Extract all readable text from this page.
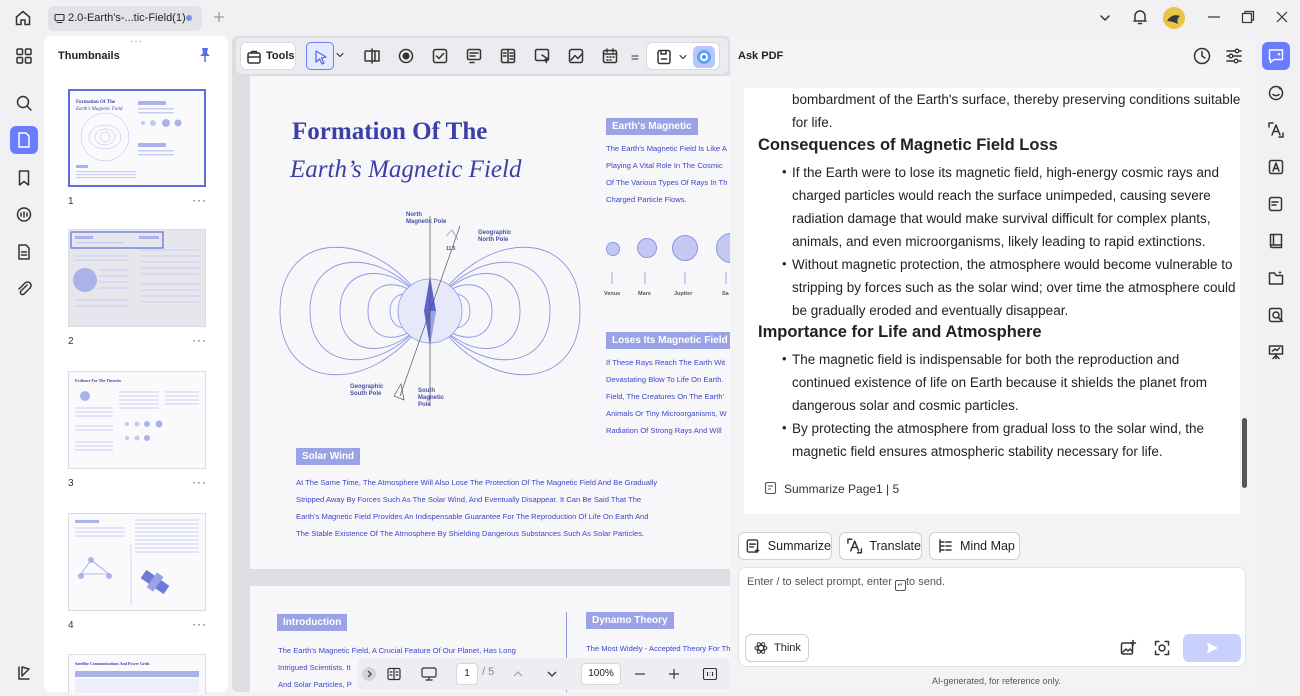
2.0-Earth's-...tic-Field(1)
···
Thumbnails
Formation Of The
Earth's Magnetic Field
1	···
2	···
Evidence For The Theories
3	···
4	···
Satellite Communications And Power Grids
Formation Of The
Earth’s Magnetic Field
North
Magnetic Pole
Geographic
North Pole
11.5
Geographic
South Pole	South
Magnetic
Pole
Earth's Magnetic
The Earth's Magnetic Field Is Like A
Playing A Vital Role In The Cosmic
Of The Various Types Of Rays In Th
Charged Particle Flows.
Venus	Mars	Jupiter	Sa
Loses Its Magnetic Field
If These Rays Reach The Earth Wit
Devastating Blow To Life On Earth.
Field, The Creatures On The Earth'
Animals Or Tiny Microorganisms, W
Radiation Of Strong Rays And Will
Solar Wind
At The Same Time, The Atmosphere Will Also Lose The Protection Of The Magnetic Field And Be Gradually
Stripped Away By Forces Such As The Solar Wind, And Eventually Disappear. It Can Be Said That The
Earth's Magnetic Field Provides An Indispensable Guarantee For The Reproduction Of Life On Earth And
The Stable Existence Of The Atmosphere By Shielding Dangerous Substances Such As Solar Particles.
Introduction
The Earth's Magnetic Field, A Crucial Feature Of Our Planet, Has Long
Intrigued Scientists. It
And Solar Particles, P
Dynamo Theory
The Most Widely - Accepted Theory For Th
Tools
1	/ 5	100%
Ask PDF
bombardment of the Earth's surface, thereby preserving conditions suitable
for life.
Consequences of Magnetic Field Loss
• If the Earth were to lose its magnetic field, high-energy cosmic rays and
charged particles would reach the surface unimpeded, causing severe
radiation damage that would make survival difficult for complex plants,
animals, and even microorganisms, likely leading to rapid extinctions.
• Without magnetic protection, the atmosphere would become vulnerable to
stripping by forces such as the solar wind; over time the atmosphere could
be gradually eroded and eventually disappear.
Importance for Life and Atmosphere
• The magnetic field is indispensable for both the reproduction and
continued existence of life on Earth because it shields the planet from
dangerous solar and cosmic particles.
• By protecting the atmosphere from gradual loss to the solar wind, the
magnetic field ensures atmospheric stability necessary for life.
Summarize Page1 | 5
Summarize	Translate	Mind Map
Enter / to select prompt, enter ↵ to send.
Think
AI-generated, for reference only.
